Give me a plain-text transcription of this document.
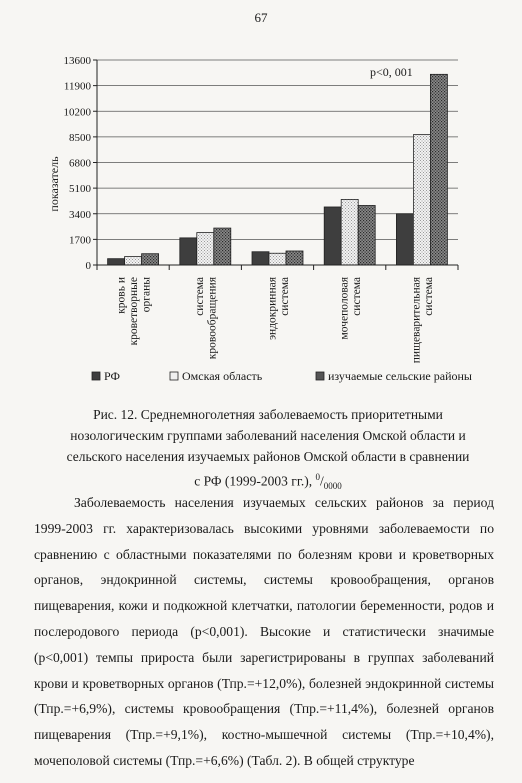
67
0
1700
3400
5100
6800
8500
10200
11900
13600
показатель
p<0, 001
кровь и кроветворные органы	система кровообращения	эндокринная система	мочеполовая система	пищеварительная система
РФ	Омская область	изучаемые сельские районы
Рис. 12. Среднемноголетняя заболеваемость приоритетными нозологическим группами заболеваний населения Омской области и сельского населения изучаемых районов Омской области в сравнении с РФ (1999-2003 гг.), $^0/_{0000}$

Заболеваемость населения изучаемых сельских районов за период 1999-2003 гг. характеризовалась высокими уровнями заболеваемости по сравнению с областными показателями по болезням крови и кроветворных органов, эндокринной системы, системы кровообращения, органов пищеварения, кожи и подкожной клетчатки, патологии беременности, родов и послеродового периода (p<0,001). Высокие и статистически значимые (p<0,001) темпы прироста были зарегистрированы в группах заболеваний крови и кроветворных органов (Тпр.=+12,0%), болезней эндокринной системы (Тпр.=+6,9%), системы кровообращения (Тпр.=+11,4%), болезней органов пищеварения (Тпр.=+9,1%), костно-мышечной системы (Тпр.=+10,4%), мочеполовой системы (Тпр.=+6,6%) (Табл. 2). В общей структуре
